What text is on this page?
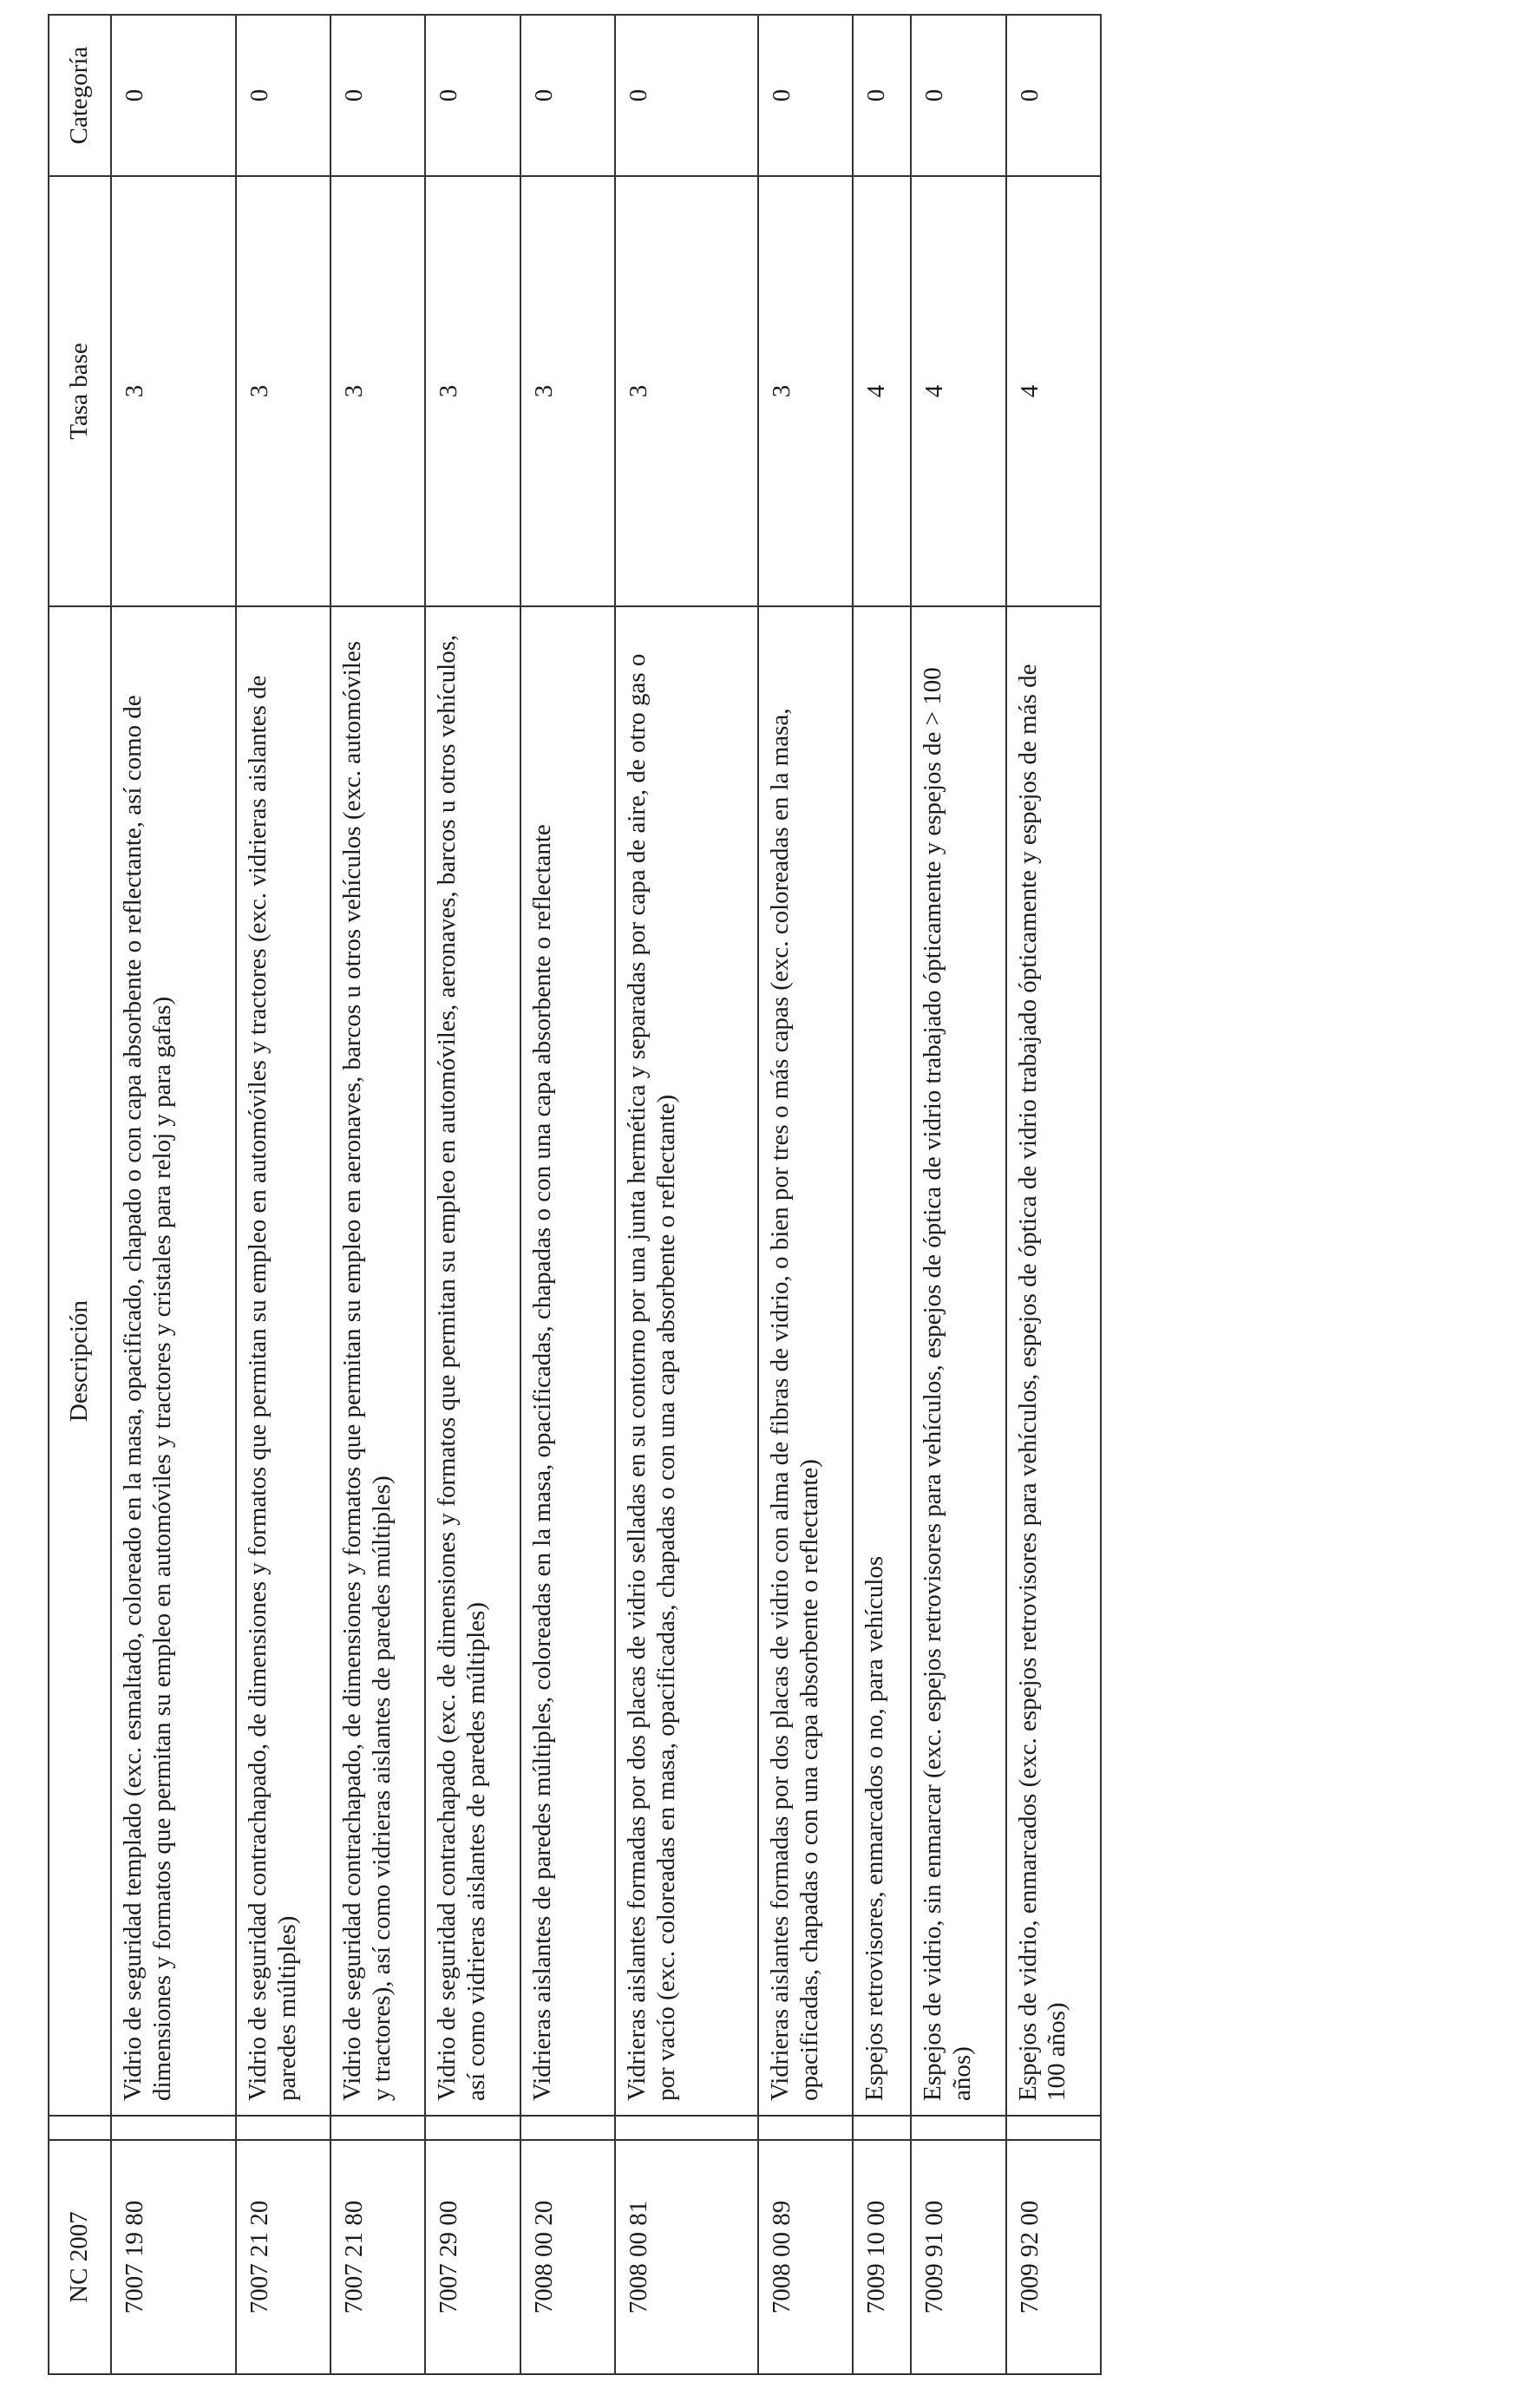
NC 2007		Descripción	Tasa base	Categoría
7007 19 80		Vidrio de seguridad templado (exc. esmaltado, coloreado en la masa, opacificado, chapado o con capa absorbente o reflectante, así como de dimensiones y formatos que permitan su empleo en automóviles y tractores y cristales para reloj y para gafas)	3	0
7007 21 20		Vidrio de seguridad contrachapado, de dimensiones y formatos que permitan su empleo en automóviles y tractores (exc. vidrieras aislantes de paredes múltiples)	3	0
7007 21 80		Vidrio de seguridad contrachapado, de dimensiones y formatos que permitan su empleo en aeronaves, barcos u otros vehículos (exc. automóviles y tractores), así como vidrieras aislantes de paredes múltiples)	3	0
7007 29 00		Vidrio de seguridad contrachapado (exc. de dimensiones y formatos que permitan su empleo en automóviles, aeronaves, barcos u otros vehículos, así como vidrieras aislantes de paredes múltiples)	3	0
7008 00 20		Vidrieras aislantes de paredes múltiples, coloreadas en la masa, opacificadas, chapadas o con una capa absorbente o reflectante	3	0
7008 00 81		Vidrieras aislantes formadas por dos placas de vidrio selladas en su contorno por una junta hermética y separadas por capa de aire, de otro gas o por vacío (exc. coloreadas en masa, opacificadas, chapadas o con una capa absorbente o reflectante)	3	0
7008 00 89		Vidrieras aislantes formadas por dos placas de vidrio con alma de fibras de vidrio, o bien por tres o más capas (exc. coloreadas en la masa, opacificadas, chapadas o con una capa absorbente o reflectante)	3	0
7009 10 00		Espejos retrovisores, enmarcados o no, para vehículos	4	0
7009 91 00		Espejos de vidrio, sin enmarcar (exc. espejos retrovisores para vehículos, espejos de óptica de vidrio trabajado ópticamente y espejos de > 100 años)	4	0
7009 92 00		Espejos de vidrio, enmarcados (exc. espejos retrovisores para vehículos, espejos de óptica de vidrio trabajado ópticamente y espejos de más de 100 años)	4	0
